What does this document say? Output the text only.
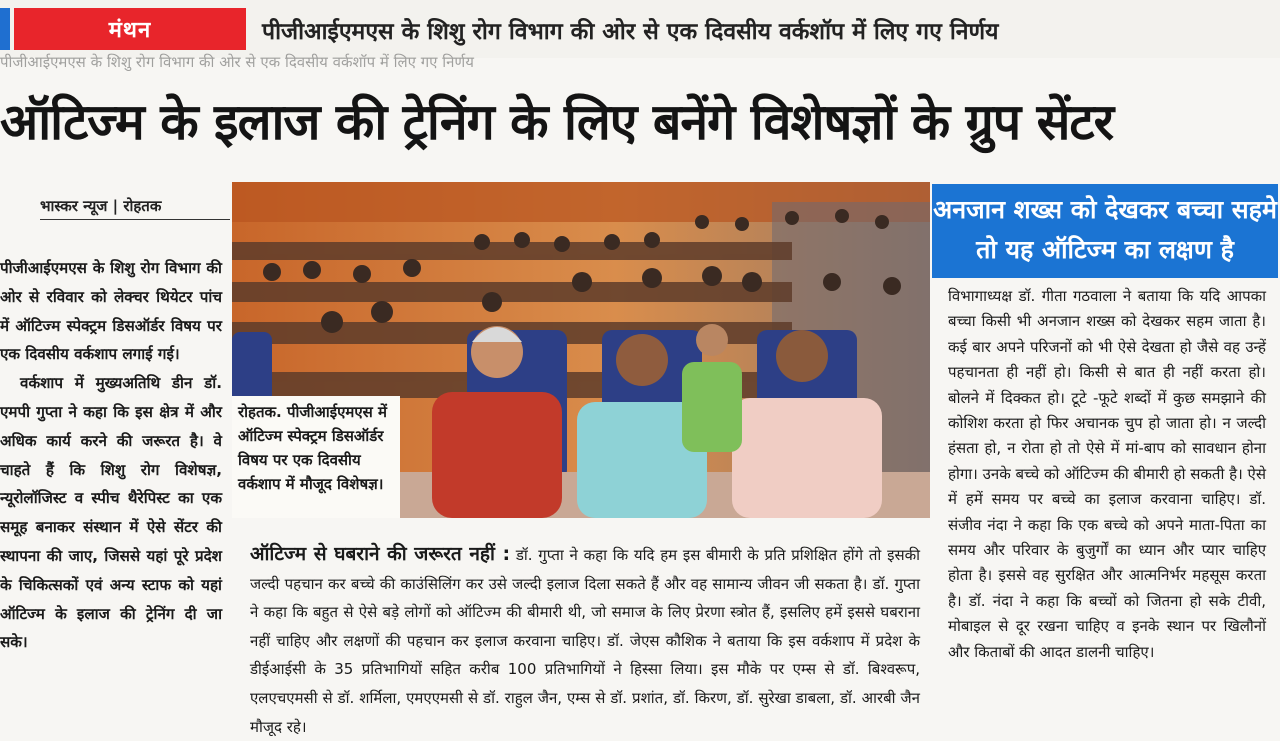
मंथन	पीजीआईएमएस के शिशु रोग विभाग की ओर से एक दिवसीय वर्कशॉप में लिए गए निर्णय
पीजीआईएमएस के शिशु रोग विभाग की ओर से एक दिवसीय वर्कशॉप में लिए गए निर्णय
ऑटिज्म के इलाज की ट्रेनिंग के लिए बनेंगे विशेषज्ञों के ग्रुप सेंटर
भास्कर न्यूज | रोहतक

पीजीआईएमएस के शिशु रोग विभाग की ओर से रविवार को लेक्चर थियेटर पांच में ऑटिज्म स्पेक्ट्रम डिसऑर्डर विषय पर एक दिवसीय वर्कशाप लगाई गई।

वर्कशाप में मुख्यअतिथि डीन डॉ. एमपी गुप्ता ने कहा कि इस क्षेत्र में और अधिक कार्य करने की जरूरत है। वे चाहते हैं कि शिशु रोग विशेषज्ञ, न्यूरोलॉजिस्ट व स्पीच थैरेपिस्ट का एक समूह बनाकर संस्थान में ऐसे सेंटर की स्थापना की जाए, जिससे यहां पूरे प्रदेश के चिकित्सकों एवं अन्य स्टाफ को यहां ऑटिज्म के इलाज की ट्रेनिंग दी जा सके।

रोहतक. पीजीआईएमएस में ऑटिज्म स्पेक्ट्रम डिसऑर्डर विषय पर एक दिवसीय वर्कशाप में मौजूद विशेषज्ञ।
ऑटिज्म से घबराने की जरूरत नहीं : डॉ. गुप्ता ने कहा कि यदि हम इस बीमारी के प्रति प्रशिक्षित होंगे तो इसकी जल्दी पहचान कर बच्चे की काउंसिलिंग कर उसे जल्दी इलाज दिला सकते हैं और वह सामान्य जीवन जी सकता है। डॉ. गुप्ता ने कहा कि बहुत से ऐसे बड़े लोगों को ऑटिज्म की बीमारी थी, जो समाज के लिए प्रेरणा स्त्रोत हैं, इसलिए हमें इससे घबराना नहीं चाहिए और लक्षणों की पहचान कर इलाज करवाना चाहिए। डॉ. जेएस कौशिक ने बताया कि इस वर्कशाप में प्रदेश के डीईआईसी के 35 प्रतिभागियों सहित करीब 100 प्रतिभागियों ने हिस्सा लिया। इस मौके पर एम्स से डॉ. बिश्वरूप, एलएचएमसी से डॉ. शर्मिला, एमएएमसी से डॉ. राहुल जैन, एम्स से डॉ. प्रशांत, डॉ. किरण, डॉ. सुरेखा डाबला, डॉ. आरबी जैन मौजूद रहे।
अनजान शख्स को देखकर बच्चा सहमे तो यह ऑटिज्म का लक्षण है
विभागाध्यक्ष डॉ. गीता गठवाला ने बताया कि यदि आपका बच्चा किसी भी अनजान शख्स को देखकर सहम जाता है। कई बार अपने परिजनों को भी ऐसे देखता हो जैसे वह उन्हें पहचानता ही नहीं हो। किसी से बात ही नहीं करता हो। बोलने में दिक्कत हो। टूटे -फूटे शब्दों में कुछ समझाने की कोशिश करता हो फिर अचानक चुप हो जाता हो। न जल्दी हंसता हो, न रोता हो तो ऐसे में मां-बाप को सावधान होना होगा। उनके बच्चे को ऑटिज्म की बीमारी हो सकती है। ऐसे में हमें समय पर बच्चे का इलाज करवाना चाहिए। डॉ. संजीव नंदा ने कहा कि एक बच्चे को अपने माता-पिता का समय और परिवार के बुजुर्गों का ध्यान और प्यार चाहिए होता है। इससे वह सुरक्षित और आत्मनिर्भर महसूस करता है। डॉ. नंदा ने कहा कि बच्चों को जितना हो सके टीवी, मोबाइल से दूर रखना चाहिए व इनके स्थान पर खिलौनों और किताबों की आदत डालनी चाहिए।
